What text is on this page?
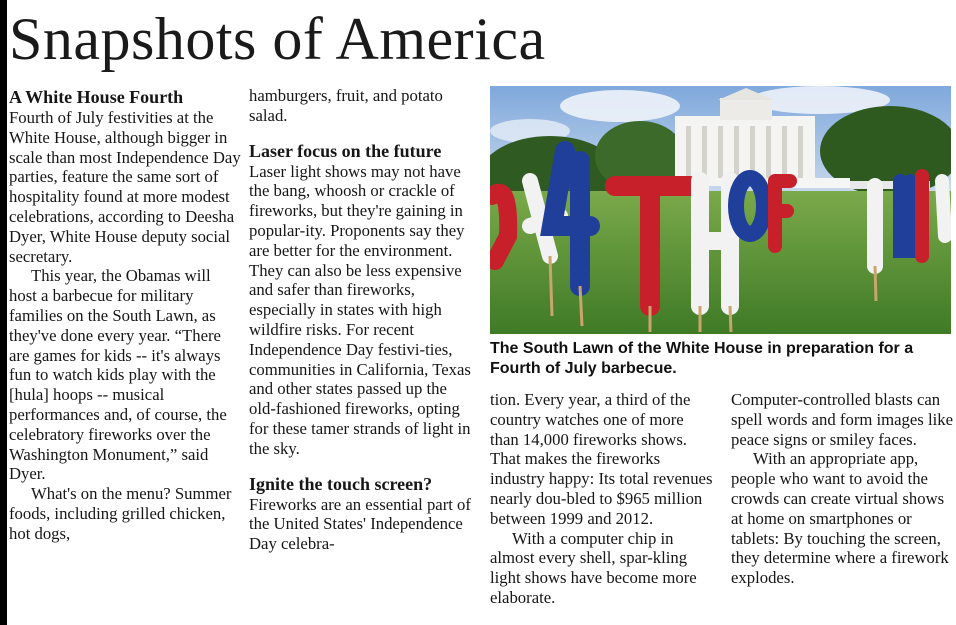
Snapshots of America
A White House Fourth

Fourth of July festivities at the White House, although bigger in scale than most Independence Day parties, feature the same sort of hospitality found at more modest celebrations, according to Deesha Dyer, White House deputy social secretary.

This year, the Obamas will host a barbecue for military families on the South Lawn, as they've done every year. “There are games for kids -- it's always fun to watch kids play with the [hula] hoops -- musical performances and, of course, the celebratory fireworks over the Washington Monument,” said Dyer.

What's on the menu? Summer foods, including grilled chicken, hot dogs,

hamburgers, fruit, and potato salad.

Laser focus on the future

Laser light shows may not have the bang, whoosh or crackle of fireworks, but they're gaining in popular-ity. Proponents say they are better for the environment. They can also be less expensive and safer than fireworks, especially in states with high wildfire risks. For recent Independence Day festivi-ties, communities in California, Texas and other states passed up the old-fashioned fireworks, opting for these tamer strands of light in the sky.

Ignite the touch screen?

Fireworks are an essential part of the United States' Independence Day celebra-

The South Lawn of the White House in preparation for a Fourth of July barbecue.

tion. Every year, a third of the country watches one of more than 14,000 fireworks shows. That makes the fireworks industry happy: Its total revenues nearly dou-bled to $965 million between 1999 and 2012.

With a computer chip in almost every shell, spar-kling light shows have become more elaborate.

Computer-controlled blasts can spell words and form images like peace signs or smiley faces.

With an appropriate app, people who want to avoid the crowds can create virtual shows at home on smartphones or tablets: By touching the screen, they determine where a firework explodes.
